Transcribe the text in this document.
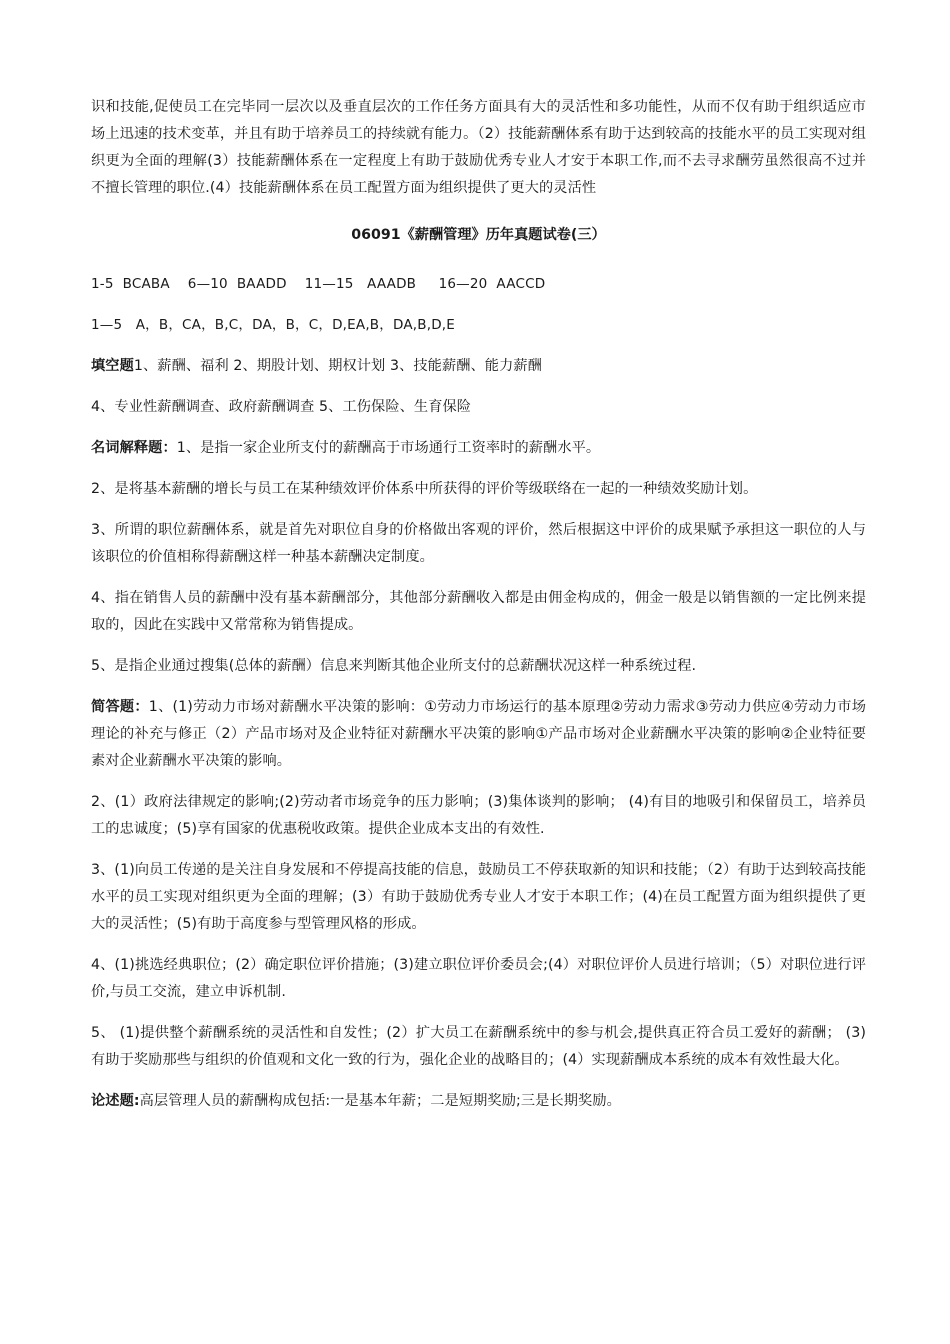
识和技能,促使员工在完毕同一层次以及垂直层次的工作任务方面具有大的灵活性和多功能性，从而不仅有助于组织适应市场上迅速的技术变革，并且有助于培养员工的持续就有能力。（2）技能薪酬体系有助于达到较高的技能水平的员工实现对组织更为全面的理解(3）技能薪酬体系在一定程度上有助于鼓励优秀专业人才安于本职工作,而不去寻求酬劳虽然很高不过并不擅长管理的职位.(4）技能薪酬体系在员工配置方面为组织提供了更大的灵活性

06091《薪酬管理》历年真题试卷(三）

1-5  BCABA    6—10  BAADD    11—15   AAADB     16—20  AACCD

1—5   A，B，CA，B,C，DA，B，C，D,EA,B，DA,B,D,E

填空题1、薪酬、福利 2、期股计划、期权计划 3、技能薪酬、能力薪酬

4、专业性薪酬调查、政府薪酬调查 5、工伤保险、生育保险

名词解释题：1、是指一家企业所支付的薪酬高于市场通行工资率时的薪酬水平。

2、是将基本薪酬的增长与员工在某种绩效评价体系中所获得的评价等级联络在一起的一种绩效奖励计划。

3、所谓的职位薪酬体系，就是首先对职位自身的价格做出客观的评价，然后根据这中评价的成果赋予承担这一职位的人与该职位的价值相称得薪酬这样一种基本薪酬决定制度。

4、指在销售人员的薪酬中没有基本薪酬部分，其他部分薪酬收入都是由佣金构成的，佣金一般是以销售额的一定比例来提取的，因此在实践中又常常称为销售提成。

5、是指企业通过搜集(总体的薪酬）信息来判断其他企业所支付的总薪酬状况这样一种系统过程.

简答题：1、(1)劳动力市场对薪酬水平决策的影响：①劳动力市场运行的基本原理②劳动力需求③劳动力供应④劳动力市场理论的补充与修正（2）产品市场对及企业特征对薪酬水平决策的影响①产品市场对企业薪酬水平决策的影响②企业特征要素对企业薪酬水平决策的影响。

2、(1）政府法律规定的影响;(2)劳动者市场竞争的压力影响；(3)集体谈判的影响； (4)有目的地吸引和保留员工，培养员工的忠诚度；(5)享有国家的优惠税收政策。提供企业成本支出的有效性.

3、(1)向员工传递的是关注自身发展和不停提高技能的信息，鼓励员工不停获取新的知识和技能；（2）有助于达到较高技能水平的员工实现对组织更为全面的理解；(3）有助于鼓励优秀专业人才安于本职工作；(4)在员工配置方面为组织提供了更大的灵活性；(5)有助于高度参与型管理风格的形成。

4、(1)挑选经典职位；(2）确定职位评价措施；(3)建立职位评价委员会;(4）对职位评价人员进行培训；（5）对职位进行评价,与员工交流，建立申诉机制.

5、 (1)提供整个薪酬系统的灵活性和自发性；(2）扩大员工在薪酬系统中的参与机会,提供真正符合员工爱好的薪酬； (3)有助于奖励那些与组织的价值观和文化一致的行为，强化企业的战略目的；(4）实现薪酬成本系统的成本有效性最大化。

论述题:高层管理人员的薪酬构成包括:一是基本年薪；二是短期奖励;三是长期奖励。
